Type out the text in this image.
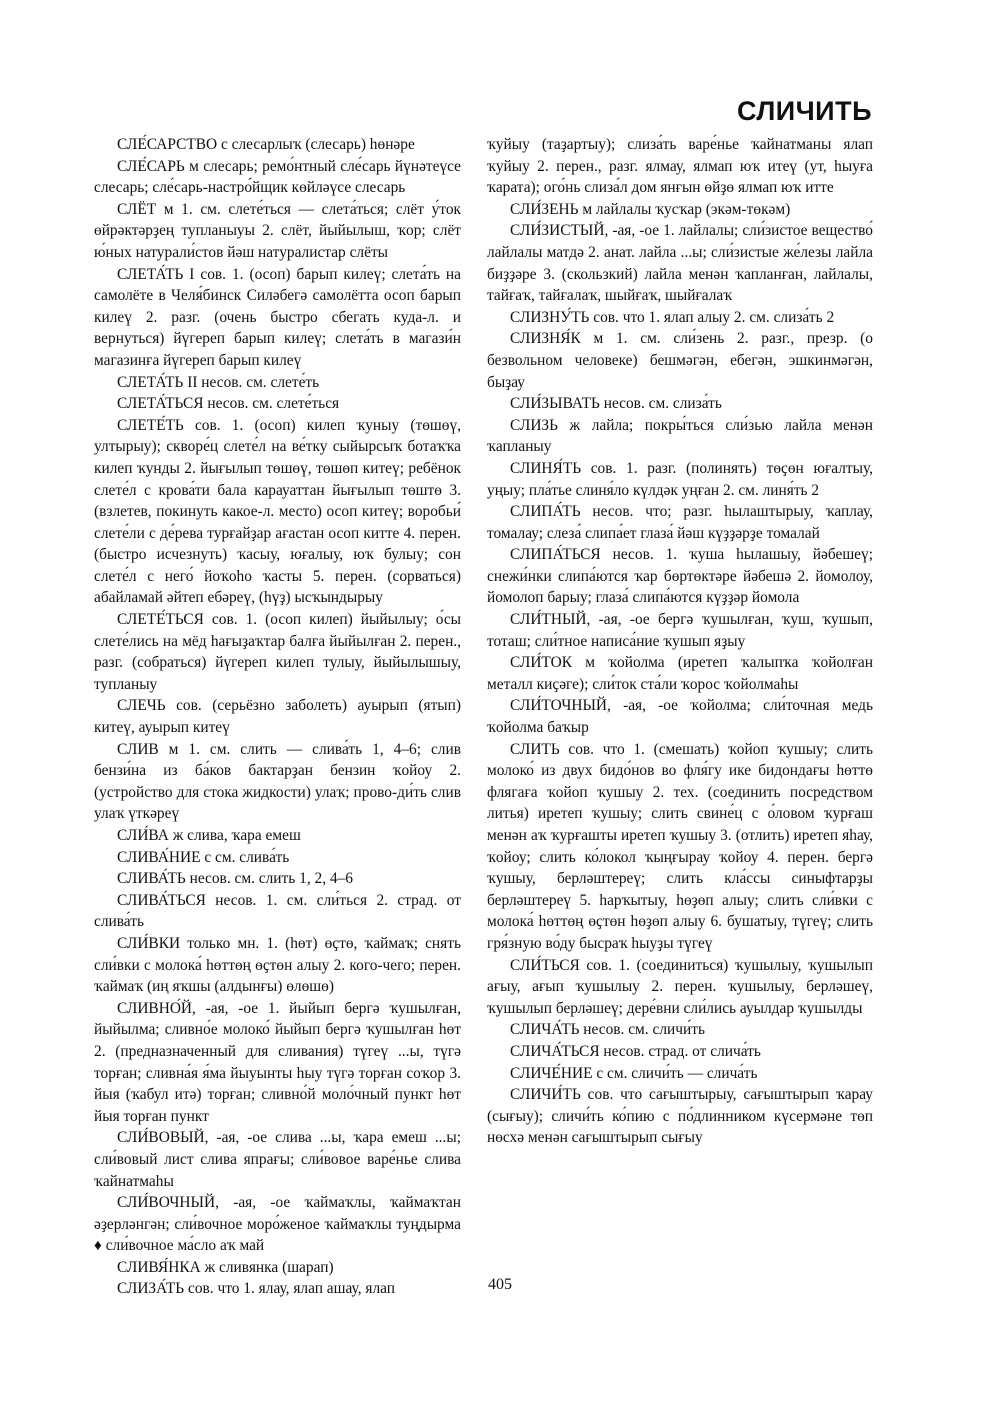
СЛИЧИТЬ

СЛЕ́САРСТВО с слесарлыҡ (слесарь) һөнәре

СЛЕ́САРЬ м слесарь; ремо́нтный сле́сарь йүнәтеүсе слесарь; сле́сарь-настро́йщик көйләүсе слесарь

СЛЁТ м 1. см. слете́ться — слета́ться; слёт у́ток өйрәктәрҙең тупланыуы 2. слёт, йыйылыш, ҡор; слёт ю́ных натурали́стов йәш натуралистар слёты

СЛЕТА́ТЬ I сов. 1. (осоп) барып килеү; слета́ть на самолёте в Челя́бинск Силәбегә самолётта осоп барып килеү 2. разг. (очень быстро сбегать куда-л. и вернуться) йүгереп барып килеү; слета́ть в магази́н магазинға йүгереп барып килеү

СЛЕТА́ТЬ II несов. см. слете́ть

СЛЕТА́ТЬСЯ несов. см. слете́ться

СЛЕТЕ́ТЬ сов. 1. (осоп) килеп ҡуныу (төшөү, ултырыу); скворе́ц слете́л на ве́тку сыйырсыҡ ботаҡҡа килеп ҡунды 2. йығылып төшөү, төшөп китеү; ребёнок слете́л с крова́ти бала карауаттан йығылып төштө 3. (взлетев, покинуть какое-л. место) осоп китеү; воробьи́ слете́ли с де́рева турғайҙар ағастан осоп китте 4. перен. (быстро исчезнуть) ҡасыу, юғалыу, юҡ булыу; сон слете́л с него́ йоҡоһо ҡасты 5. перен. (сорваться) абайламай әйтеп ебәреү, (һүҙ) ысҡындырыу

СЛЕТЕ́ТЬСЯ сов. 1. (осоп килеп) йыйылыу; о́сы слете́лись на мёд һағыҙаҡтар балға йыйылған 2. перен., разг. (собраться) йүгереп килеп тулыу, йыйылышыу, тупланыу

СЛЕЧЬ сов. (серьёзно заболеть) ауырып (ятып) китеү, ауырып китеү

СЛИВ м 1. см. слить — слива́ть 1, 4–6; слив бензи́на из ба́ков бактарҙан бензин ҡойоу 2. (устройство для стока жидкости) улаҡ; прово-ди́ть слив улаҡ үткәреү

СЛИ́ВА ж слива, ҡара емеш

СЛИВА́НИЕ с см. слива́ть

СЛИВА́ТЬ несов. см. слить 1, 2, 4–6

СЛИВА́ТЬСЯ несов. 1. см. сли́ться 2. страд. от слива́ть

СЛИ́ВКИ только мн. 1. (һөт) өҫтө, ҡаймаҡ; снять сли́вки с молока́ һөттөң өҫтөн алыу 2. кого-чего; перен. ҡаймаҡ (иң яҡшы (алдынғы) өлөшө)

СЛИВНО́Й, -ая, -ое 1. йыйып бергә ҡушылған, йыйылма; сливно́е молоко́ йыйып бергә ҡушылған һөт 2. (предназначенный для сливания) түгеү ...ы, түгә торған; сливна́я я́ма йыуынты һыу түгә торған соҡор 3. йыя (ҡабул итә) торған; сливно́й моло́чный пункт һөт йыя торған пункт

СЛИ́ВОВЫЙ, -ая, -ое слива ...ы, ҡара емеш ...ы; сли́вовый лист слива япрағы; сли́вовое варе́нье слива ҡайнатмаһы

СЛИ́ВОЧНЫЙ, -ая, -ое ҡаймаҡлы, ҡаймаҡтан әҙерләнгән; сли́вочное моро́женое ҡаймаҡлы туңдырма ♦ сли́вочное ма́сло аҡ май

СЛИВЯ́НКА ж сливянка (шарап)

СЛИЗА́ТЬ сов. что 1. ялау, ялап ашау, ялап

ҡуйыу (таҙартыу); слиза́ть варе́нье ҡайнатманы ялап ҡуйыу 2. перен., разг. ялмау, ялмап юҡ итеү (ут, һыуға ҡарата); ого́нь слиза́л дом янғын өйҙө ялмап юҡ итте

СЛИ́ЗЕНЬ м лайлалы ҡусҡар (экәм-төкәм)

СЛИ́ЗИСТЫЙ, -ая, -ое 1. лайлалы; сли́зистое вещество́ лайлалы матдә 2. анат. лайла ...ы; сли́зистые же́лезы лайла биҙҙәре 3. (скользкий) лайла менән ҡапланған, лайлалы, тайғаҡ, тайғалаҡ, шыйғаҡ, шыйғалаҡ

СЛИЗНУ́ТЬ сов. что 1. ялап алыу 2. см. слиза́ть 2

СЛИЗНЯ́К м 1. см. сли́зень 2. разг., презр. (о безвольном человеке) бешмәгән, ебегән, эшкинмәгән, быҙау

СЛИ́ЗЫВАТЬ несов. см. слиза́ть

СЛИЗЬ ж лайла; покры́ться сли́зью лайла менән ҡапланыу

СЛИНЯ́ТЬ сов. 1. разг. (полинять) төҫөн юғалтыу, уңыу; пла́тье слиня́ло күлдәк уңған 2. см. линя́ть 2

СЛИПА́ТЬ несов. что; разг. һылаштырыу, ҡаплау, томалау; слеза́ слипа́ет глаза́ йәш күҙҙәрҙе томалай

СЛИПА́ТЬСЯ несов. 1. ҡуша һылашыу, йәбешеү; снежи́нки слипа́ются ҡар бөртөктәре йәбешә 2. йомолоу, йомолоп барыу; глаза́ слипа́ются күҙҙәр йомола

СЛИ́ТНЫЙ, -ая, -ое бергә ҡушылған, ҡуш, ҡушып, тоташ; сли́тное написа́ние ҡушып яҙыу

СЛИ́ТОК м ҡойолма (иретеп ҡалыпҡа ҡойолған металл киҫәге); сли́ток ста́ли ҡорос ҡойолмаһы

СЛИ́ТОЧНЫЙ, -ая, -ое ҡойолма; сли́точная медь ҡойолма баҡыр

СЛИТЬ сов. что 1. (смешать) ҡойоп ҡушыу; слить молоко́ из двух бидо́нов во фля́гу ике бидондағы һөттө флягаға ҡойоп ҡушыу 2. тех. (соединить посредством литья) иретеп ҡушыу; слить свине́ц с о́ловом ҡурғаш менән аҡ ҡурғашты иретеп ҡушыу 3. (отлить) иретеп яһау, ҡойоу; слить ко́локол ҡыңғырау ҡойоу 4. перен. бергә ҡушыу, берләштереү; слить кла́ссы синыфтарҙы берләштереү 5. һарҡытыу, һөҙөп алыу; слить сли́вки с молока́ һөттөң өҫтөн һөҙөп алыу 6. бушатыу, түгеү; слить гря́зную во́ду бысраҡ һыуҙы түгеү

СЛИ́ТЬСЯ сов. 1. (соединиться) ҡушылыу, ҡушылып ағыу, ағып ҡушылыу 2. перен. ҡушылыу, берләшеү, ҡушылып берләшеү; дере́вни сли́лись ауылдар ҡушылды

СЛИЧА́ТЬ несов. см. сличи́ть

СЛИЧА́ТЬСЯ несов. страд. от слича́ть

СЛИЧЕ́НИЕ с см. сличи́ть — слича́ть

СЛИЧИ́ТЬ сов. что сағыштырыу, сағыштырып ҡарау (сығыу); сличи́ть ко́пию с по́длинником күсермәне төп нөсхә менән сағыштырып сығыу

405
